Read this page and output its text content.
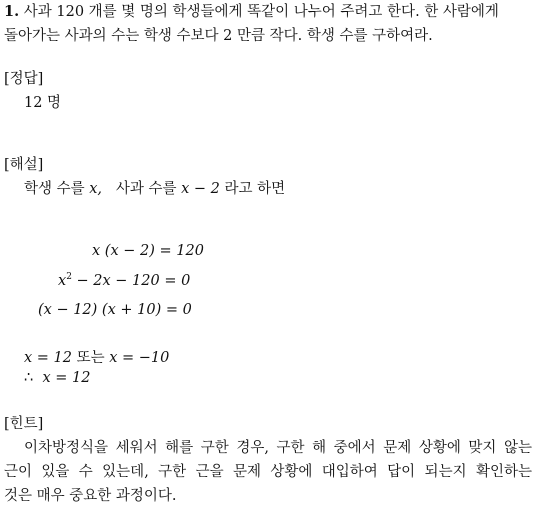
1. 사과 120 개를 몇 명의 학생들에게 똑같이 나누어 주려고 한다. 한 사람에게
돌아가는 사과의 수는 학생 수보다 2 만큼 작다. 학생 수를 구하여라.
[정답]
12 명
[해설]
학생 수를 x, 사과 수를 x − 2 라고 하면
x (x − 2) = 120
$x^2 - 2x - 120 = 0$
(x − 12) (x + 10) = 0
x = 12 또는 x = −10
∴ x = 12
[힌트]
이차방정식을 세워서 해를 구한 경우, 구한 해 중에서 문제 상황에 맞지 않는
근이 있을 수 있는데, 구한 근을 문제 상황에 대입하여 답이 되는지 확인하는
것은 매우 중요한 과정이다.
